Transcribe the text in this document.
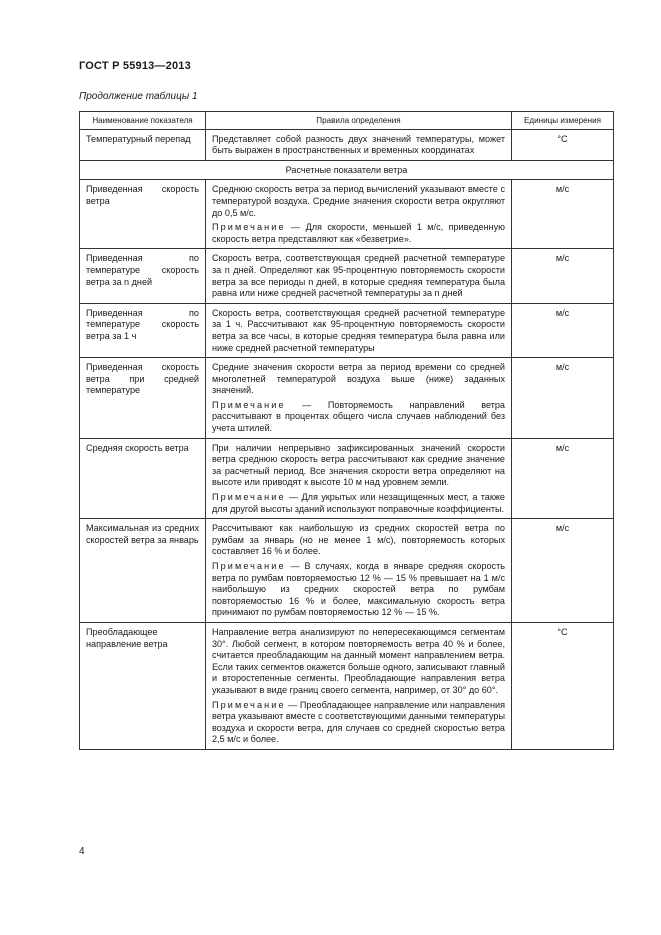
ГОСТ Р 55913—2013
Продолжение таблицы 1
Наименование показателя	Правила определения	Единицы измерения
Температурный перепад	Представляет собой разность двух значений температуры, может быть выражен в пространственных и временных координатах	°С
Расчетные показатели ветра		
Приведенная скорость ветра	Среднюю скорость ветра за период вычислений указывают вместе с температурой воздуха. Средние значения скорости ветра округляют до 0,5 м/с.

Примечание — Для скорости, меньшей 1 м/с, приведенную скорость ветра представляют как «безветрие».	м/с
Приведенная по температуре скорость ветра за n дней	Скорость ветра, соответствующая средней расчетной температуре за n дней. Определяют как 95-процентную повторяемость скорости ветра за все периоды n дней, в которые средняя температура была равна или ниже средней расчетной температуры за n дней	м/с
Приведенная по температуре скорость ветра за 1 ч	Скорость ветра, соответствующая средней расчетной температуре за 1 ч. Рассчитывают как 95-процентную повторяемость скорости ветра за все часы, в которые средняя температура была равна или ниже средней расчетной температуры	м/с
Приведенная скорость ветра при средней температуре	Средние значения скорости ветра за период времени со средней многолетней температурой воздуха выше (ниже) заданных значений.

Примечание — Повторяемость направлений ветра рассчитывают в процентах общего числа случаев наблюдений без учета штилей.	м/с
Средняя скорость ветра	При наличии непрерывно зафиксированных значений скорости ветра среднюю скорость ветра рассчитывают как средние значение за расчетный период. Все значения скорости ветра определяют на высоте или приводят к высоте 10 м над уровнем земли.

Примечание — Для укрытых или незащищенных мест, а также для другой высоты зданий используют поправочные коэффициенты.	м/с
Максимальная из средних скоростей ветра за январь	Рассчитывают как наибольшую из средних скоростей ветра по румбам за январь (но не менее 1 м/с), повторяемость которых составляет 16 % и более.

Примечание — В случаях, когда в январе средняя скорость ветра по румбам повторяемостью 12 % — 15 % превышает на 1 м/с наибольшую из средних скоростей ветра по румбам повторяемостью 16 % и более, максимальную скорость ветра принимают по румбам повторяемостью 12 % — 15 %.	м/с
Преобладающее направление ветра	Направление ветра анализируют по непересекающимся сегментам 30°. Любой сегмент, в котором повторяемость ветра 40 % и более, считается преобладающим на данный момент направлением ветра. Если таких сегментов окажется больше одного, записывают главный и второстепенные сегменты. Преобладающие направления ветра указывают в виде границ своего сегмента, например, от 30° до 60°.

Примечание — Преобладающее направление или направления ветра указывают вместе с соответствующими данными температуры воздуха и скорости ветра, для случаев со средней скоростью ветра 2,5 м/с и более.	°С
4
